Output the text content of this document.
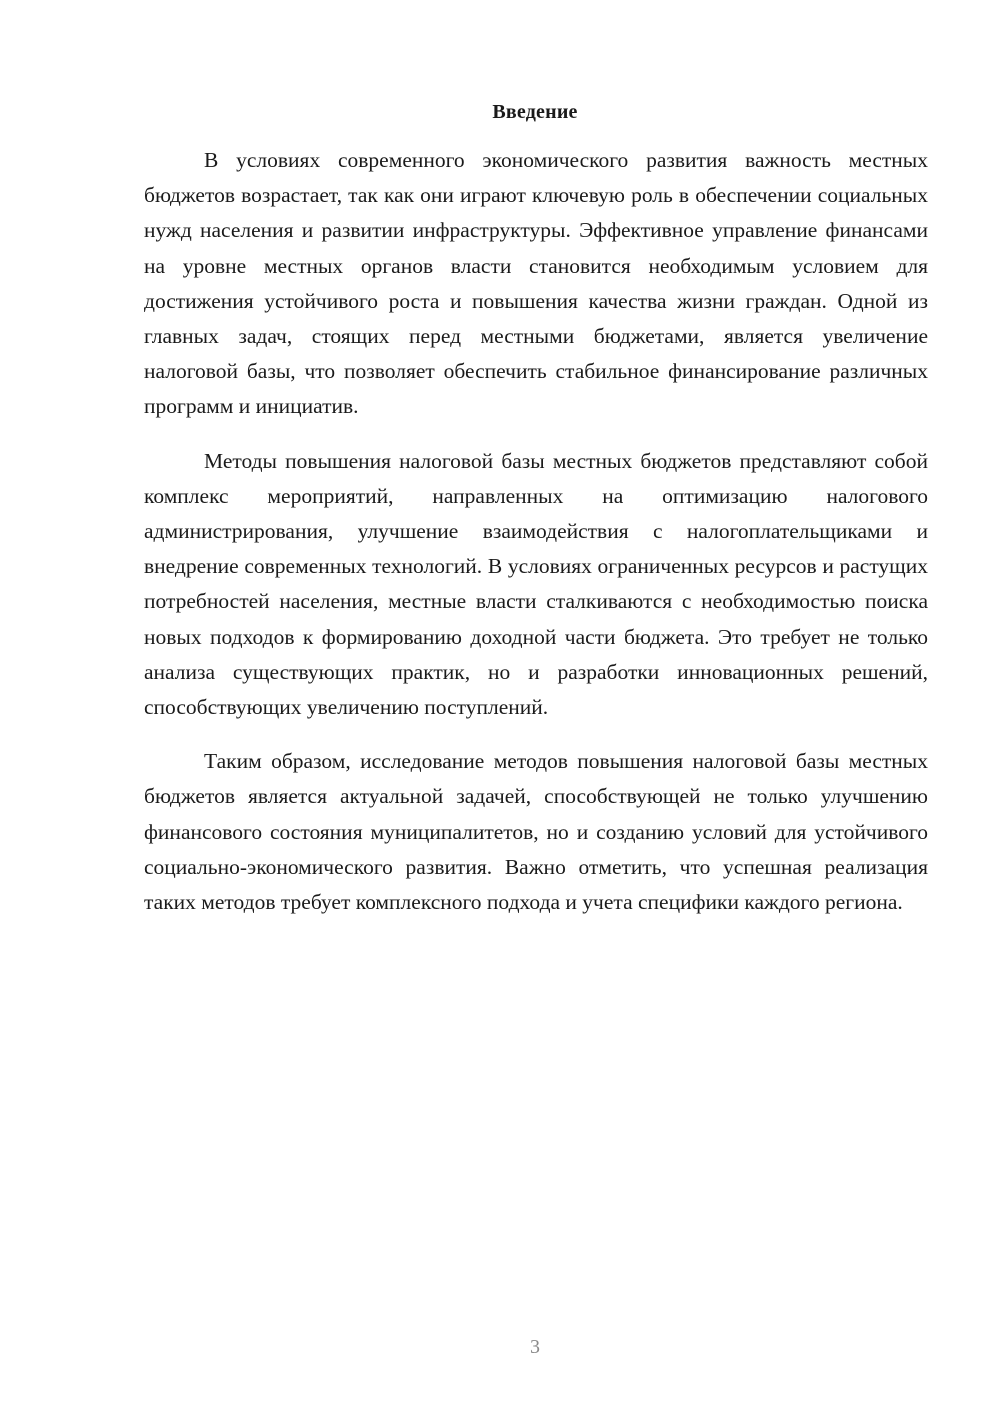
Введение

В условиях современного экономического развития важность местных бюджетов возрастает, так как они играют ключевую роль в обеспечении социальных нужд населения и развитии инфраструктуры. Эффективное управление финансами на уровне местных органов власти становится необходимым условием для достижения устойчивого роста и повышения качества жизни граждан. Одной из главных задач, стоящих перед местными бюджетами, является увеличение налоговой базы, что позволяет обеспечить стабильное финансирование различных программ и инициатив.

Методы повышения налоговой базы местных бюджетов представляют собой комплекс мероприятий, направленных на оптимизацию налогового администрирования, улучшение взаимодействия с налогоплательщиками и внедрение современных технологий. В условиях ограниченных ресурсов и растущих потребностей населения, местные власти сталкиваются с необходимостью поиска новых подходов к формированию доходной части бюджета. Это требует не только анализа существующих практик, но и разработки инновационных решений, способствующих увеличению поступлений.

Таким образом, исследование методов повышения налоговой базы местных бюджетов является актуальной задачей, способствующей не только улучшению финансового состояния муниципалитетов, но и созданию условий для устойчивого социально-экономического развития. Важно отметить, что успешная реализация таких методов требует комплексного подхода и учета специфики каждого региона.

3
